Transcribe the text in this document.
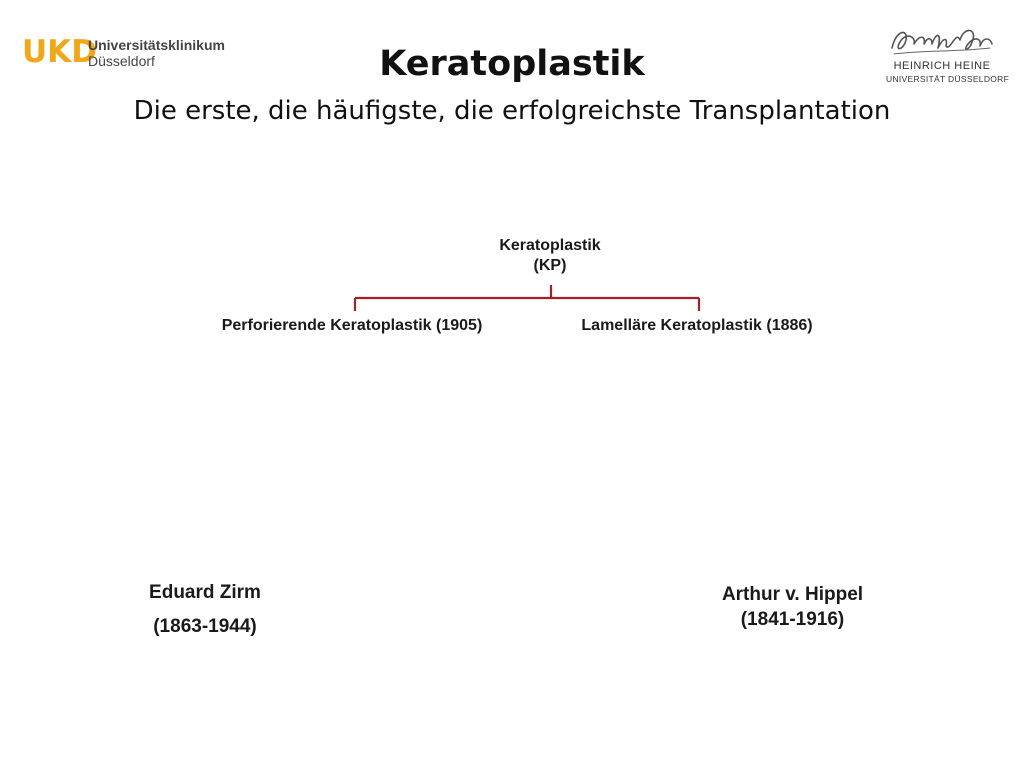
UKD
Universitätsklinikum
Düsseldorf	Keratoplastik
Die erste, die häufigste, die erfolgreichste Transplantation
HEINRICH HEINE
UNIVERSITÄT DÜSSELDORF
Keratoplastik
(KP)
Perforierende Keratoplastik (1905)	Lamelläre Keratoplastik (1886)
Eduard Zirm
(1863-1944)
Arthur v. Hippel
(1841-1916)
